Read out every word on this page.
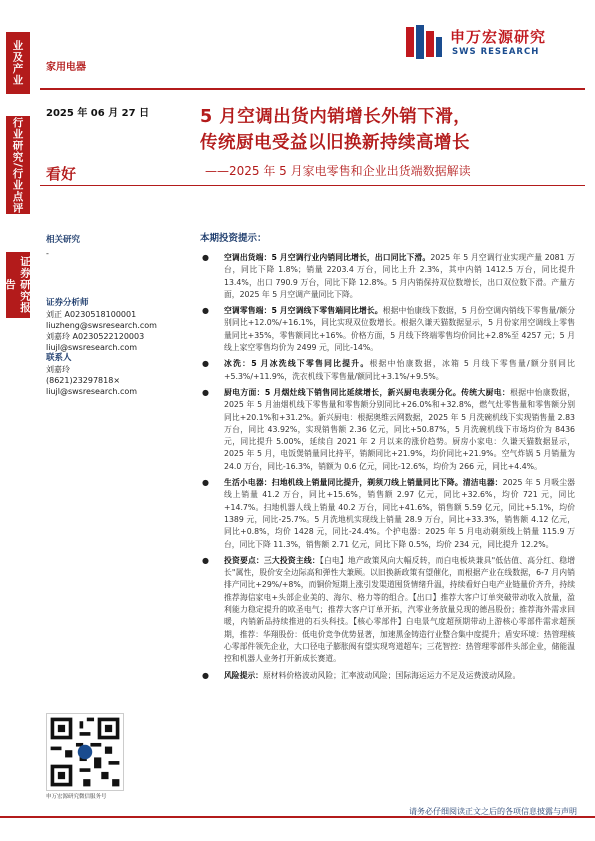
业及产业
行业研究/行业点评
证券研究报告
家用电器
申万宏源研究
SWS RESEARCH
2025 年 06 月 27 日
看好
5 月空调出货内销增长外销下滑，
传统厨电受益以旧换新持续高增长
——2025 年 5 月家电零售和企业出货端数据解读
相关研究
-
证券分析师
刘正 A0230518100001
liuzheng@swsresearch.com
刘嘉玲 A0230522120003
liujl@swsresearch.com
联系人
刘嘉玲
(8621)23297818×
liujl@swsresearch.com
本期投资提示：
● 空调出货端：5 月空调行业内销同比增长，出口同比下滑。2025 年 5 月空调行业实现产量 2081 万台，同比下降 1.8%；销量 2203.4 万台，同比上升 2.3%，其中内销 1412.5 万台，同比提升 13.4%，出口 790.9 万台，同比下降 12.8%。5 月内销保持双位数增长，出口双位数下滑。产量方面，2025 年 5 月空调产量同比下降。
● 空调零售端：5 月空调线下零售端同比增长。根据中怡康线下数据，5 月份空调内销线下零售量/额分别同比+12.0%/+16.1%，同比实现双位数增长。根据久谦天猫数据显示，5 月份家用空调线上零售量同比+35%，零售额同比+16%。价格方面，5 月线下终端零售均价同比+2.8%至 4257 元；5 月线上家空零售均价为 2499 元，同比-14%。
● 冰洗：5 月冰洗线下零售同比提升。根据中怡康数据，冰箱 5 月线下零售量/额分别同比+5.3%/+11.9%，洗衣机线下零售量/额同比+3.1%/+9.5%。
● 厨电方面：5 月烟灶线下销售同比延续增长，新兴厨电表现分化。传统大厨电：根据中怡康数据，2025 年 5 月油烟机线下零售量和零售额分别同比+26.0%和+32.8%，燃气灶零售量和零售额分别同比+20.1%和+31.2%。新兴厨电：根据奥维云网数据，2025 年 5 月洗碗机线下实现销售量 2.83 万台，同比 43.92%，实现销售额 2.36 亿元，同比+50.87%，5 月洗碗机线下市场均价为 8436 元，同比提升 5.00%，延续自 2021 年 2 月以来的涨价趋势。厨房小家电：久谦天猫数据显示，2025 年 5 月，电饭煲销量同比持平，销额同比+21.9%，均价同比+21.9%。空气炸锅 5 月销量为 24.0 万台，同比-16.3%，销额为 0.6 亿元，同比-12.6%，均价为 266 元，同比+4.4%。
● 生活小电器：扫地机线上销量同比提升，剃须刀线上销量同比下降。清洁电器：2025 年 5 月吸尘器线上销量 41.2 万台，同比+15.6%，销售额 2.97 亿元，同比+32.6%，均价 721 元，同比+14.7%。扫地机器人线上销量 40.2 万台，同比+41.6%，销售额 5.59 亿元，同比+5.1%，均价 1389 元，同比-25.7%。5 月洗地机实现线上销量 28.9 万台，同比+33.3%，销售额 4.12 亿元，同比+0.8%，均价 1428 元，同比-24.4%。个护电器：2025 年 5 月电动剃须线上销量 115.9 万台，同比下降 11.3%，销售额 2.71 亿元，同比下降 0.5%，均价 234 元，同比提升 12.2%。
● 投资要点：三大投资主线：【白电】地产政策风向大幅反转，而白电板块兼具"低估值、高分红、稳增长"属性，股价安全边际高和弹性大兼顾。以旧换新政策有望催化，而根据产业在线数据，6-7 月内销排产同比+29%/+8%，而铜价短期上涨引发渠道囤货情绪升温，持续看好白电产业链量价齐升，持续推荐海信家电+头部企业美的、海尔、格力等的组合。【出口】推荐大客户订单突破带动收入放量，盈利能力稳定提升的欧圣电气；推荐大客户订单开拓，汽零业务放量兑现的德昌股份；推荐海外需求回暖，内销新品持续推进的石头科技。【核心零部件】白电景气度超预期带动上游核心零部件需求超预期，推荐：华翔股份：低电价竞争优势显著，加速黑金铸造行业整合集中度提升；盾安环境：热管理核心零部件领先企业，大口径电子膨胀阀有望实现弯道超车；三花智控：热管理零部件头部企业，储能温控和机器人业务打开新成长赛道。
● 风险提示：原材料价格波动风险；汇率波动风险；国际海运运力不足及运费波动风险。
申万宏源研究微信服务号
请务必仔细阅读正文之后的各项信息披露与声明
